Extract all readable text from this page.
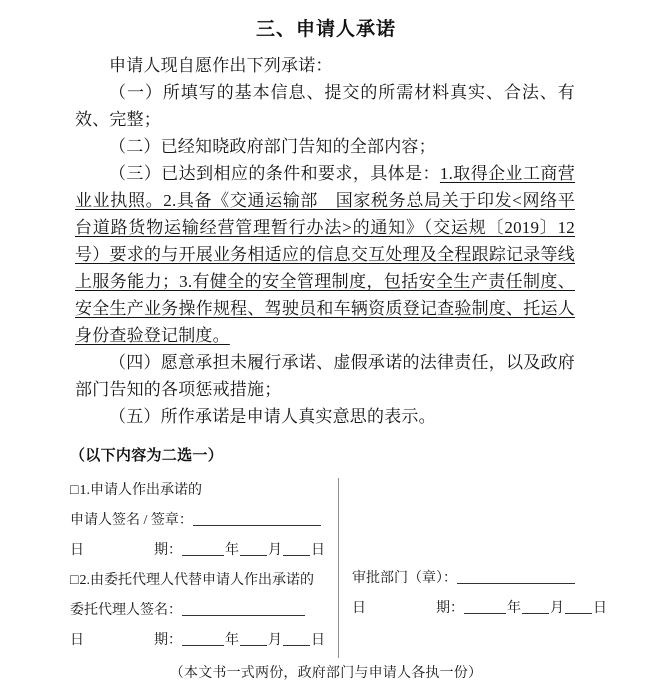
三、申请人承诺

申请人现自愿作出下列承诺：

（一）所填写的基本信息、提交的所需材料真实、合法、有效、完整；

（二）已经知晓政府部门告知的全部内容；

（三）已达到相应的条件和要求，具体是：1.取得企业工商营业业执照。2.具备《交通运输部　国家税务总局关于印发<网络平台道路货物运输经营管理暂行办法>的通知》（交运规〔2019〕12号）要求的与开展业务相适应的信息交互处理及全程跟踪记录等线上服务能力；3.有健全的安全管理制度，包括安全生产责任制度、安全生产业务操作规程、驾驶员和车辆资质登记查验制度、托运人身份查验登记制度。

（四）愿意承担未履行承诺、虚假承诺的法律责任，以及政府部门告知的各项惩戒措施；

（五）所作承诺是申请人真实意思的表示。

（以下内容为二选一）
□1.申请人作出承诺的
申请人签名 / 签章：
日	期：	年 月 日
□2.由委托代理人代替申请人作出承诺的
委托代理人签名：
日	期：	年 月 日
审批部门（章）：
日	期：	年 月 日
（本文书一式两份，政府部门与申请人各执一份）
